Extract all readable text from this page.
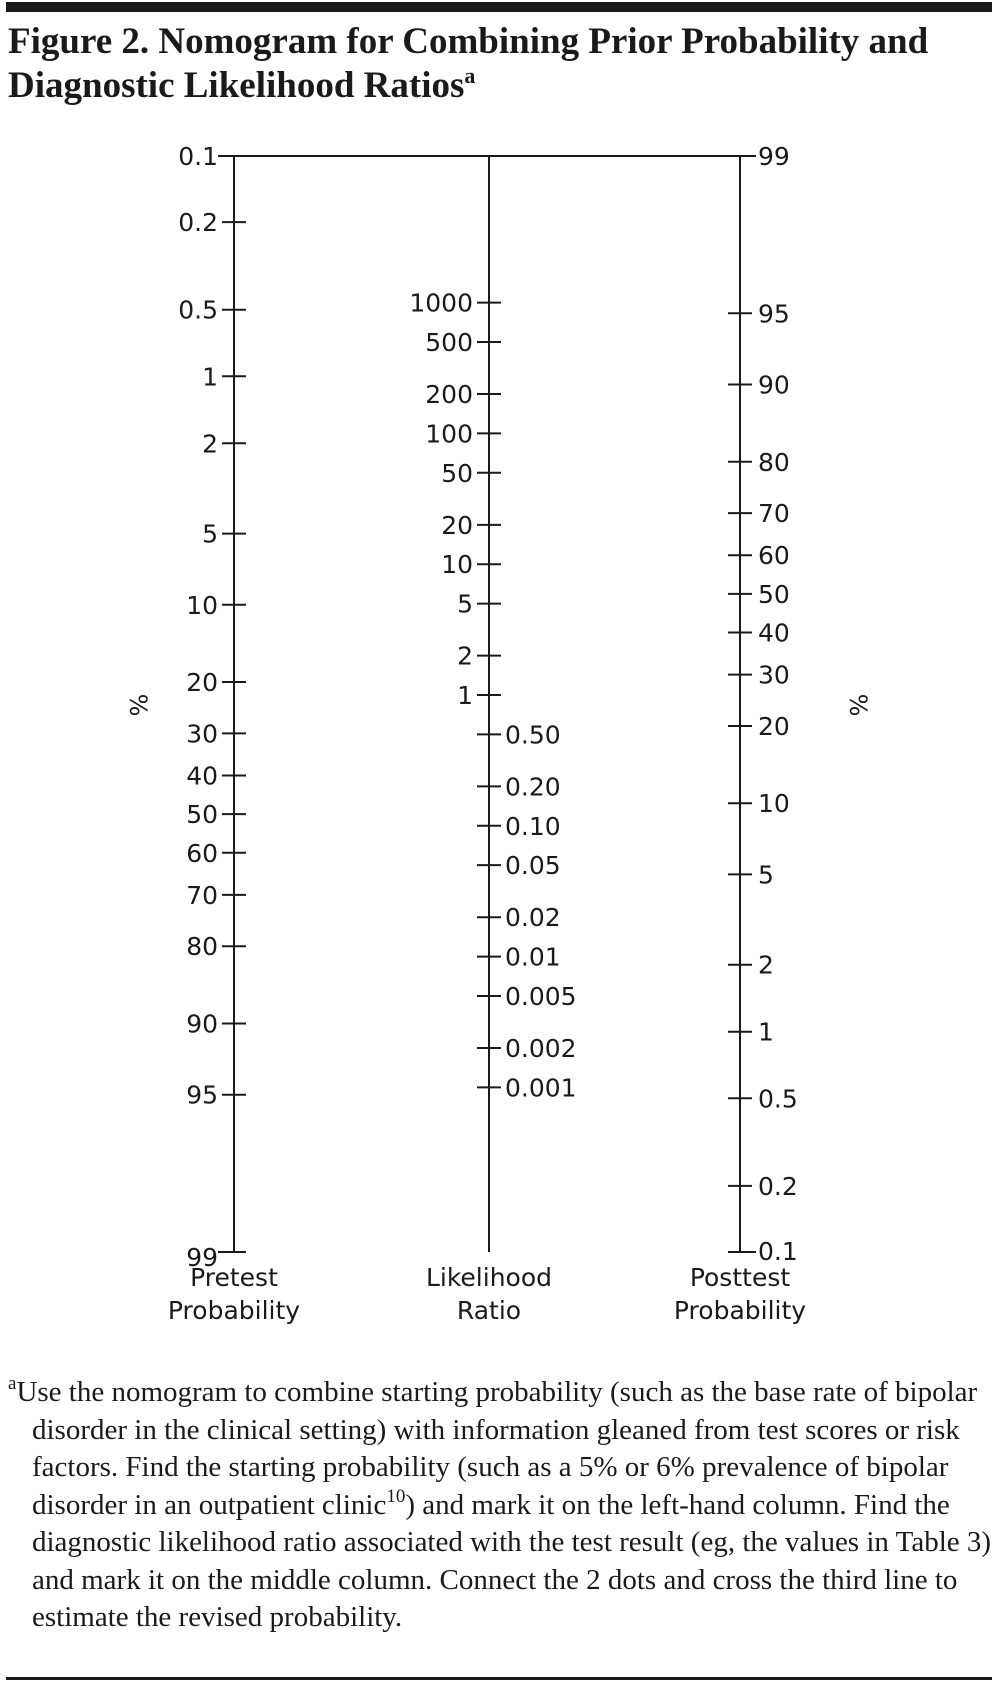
Figure 2. Nomogram for Combining Prior Probability and Diagnostic Likelihood Ratios$^a$
0.1
0.2
0.5
1
2
5
10
20
30
40
50
60
70
80
90
95
99
Pretest
Probability
%
1000
500
200
100
50
20
10
5
2
1
0.50
0.20
0.10
0.05
0.02
0.01
0.005
0.002
0.001
Likelihood
Ratio
99
95
90
80
70
60
50
40
30
20
10
5
2
1
0.5
0.2
0.1
Posttest
Probability
%

$^a$Use the nomogram to combine starting probability (such as the base rate of bipolar disorder in the clinical setting) with information gleaned from test scores or risk factors. Find the starting probability (such as a 5% or 6% prevalence of bipolar disorder in an outpatient clinic$^{10}$) and mark it on the left-hand column. Find the diagnostic likelihood ratio associated with the test result (eg, the values in Table 3) and mark it on the middle column. Connect the 2 dots and cross the third line to estimate the revised probability.
